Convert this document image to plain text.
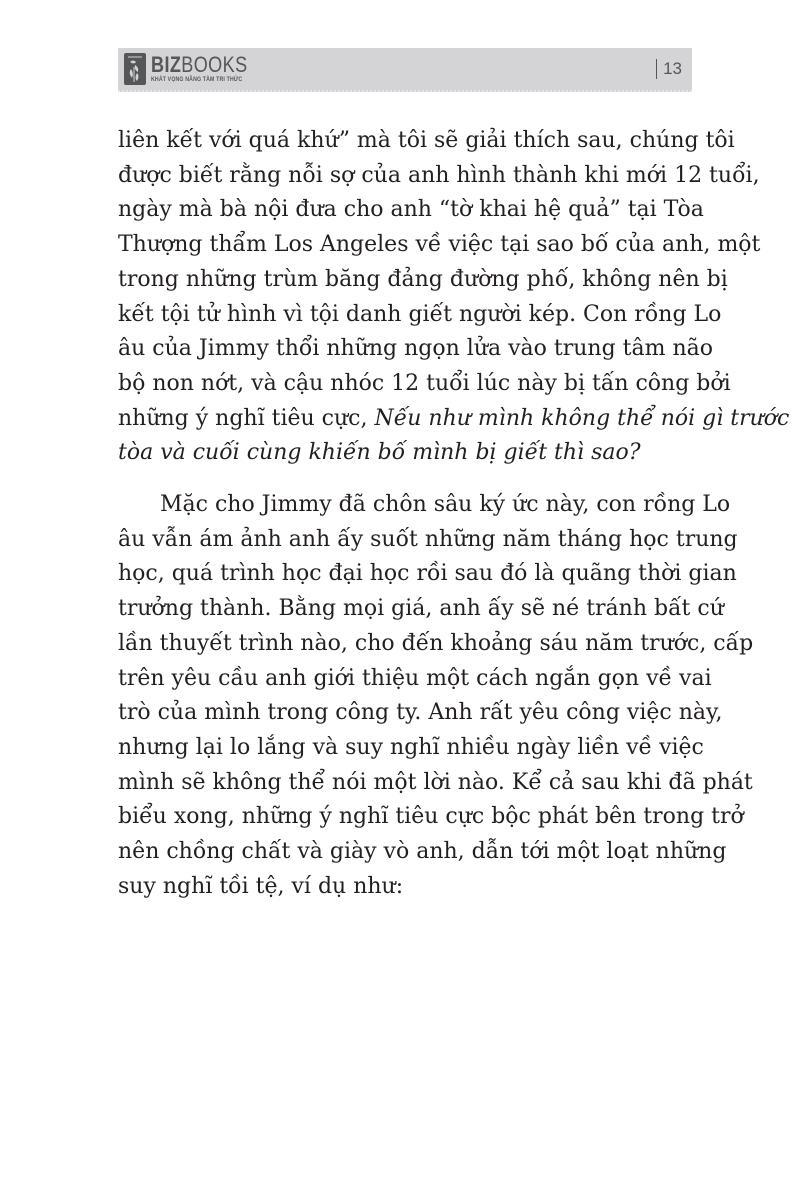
BIZBOOKS
KHÁT VỌNG NÂNG TẦM TRI THỨC
13

liên kết với quá khứ” mà tôi sẽ giải thích sau, chúng tôi
được biết rằng nỗi sợ của anh hình thành khi mới 12 tuổi,
ngày mà bà nội đưa cho anh “tờ khai hệ quả” tại Tòa
Thượng thẩm Los Angeles về việc tại sao bố của anh, một
trong những trùm băng đảng đường phố, không nên bị
kết tội tử hình vì tội danh giết người kép. Con rồng Lo
âu của Jimmy thổi những ngọn lửa vào trung tâm não
bộ non nớt, và cậu nhóc 12 tuổi lúc này bị tấn công bởi
những ý nghĩ tiêu cực, Nếu như mình không thể nói gì trước
tòa và cuối cùng khiến bố mình bị giết thì sao?

Mặc cho Jimmy đã chôn sâu ký ức này, con rồng Lo
âu vẫn ám ảnh anh ấy suốt những năm tháng học trung
học, quá trình học đại học rồi sau đó là quãng thời gian
trưởng thành. Bằng mọi giá, anh ấy sẽ né tránh bất cứ
lần thuyết trình nào, cho đến khoảng sáu năm trước, cấp
trên yêu cầu anh giới thiệu một cách ngắn gọn về vai
trò của mình trong công ty. Anh rất yêu công việc này,
nhưng lại lo lắng và suy nghĩ nhiều ngày liền về việc
mình sẽ không thể nói một lời nào. Kể cả sau khi đã phát
biểu xong, những ý nghĩ tiêu cực bộc phát bên trong trở
nên chồng chất và giày vò anh, dẫn tới một loạt những
suy nghĩ tồi tệ, ví dụ như:
